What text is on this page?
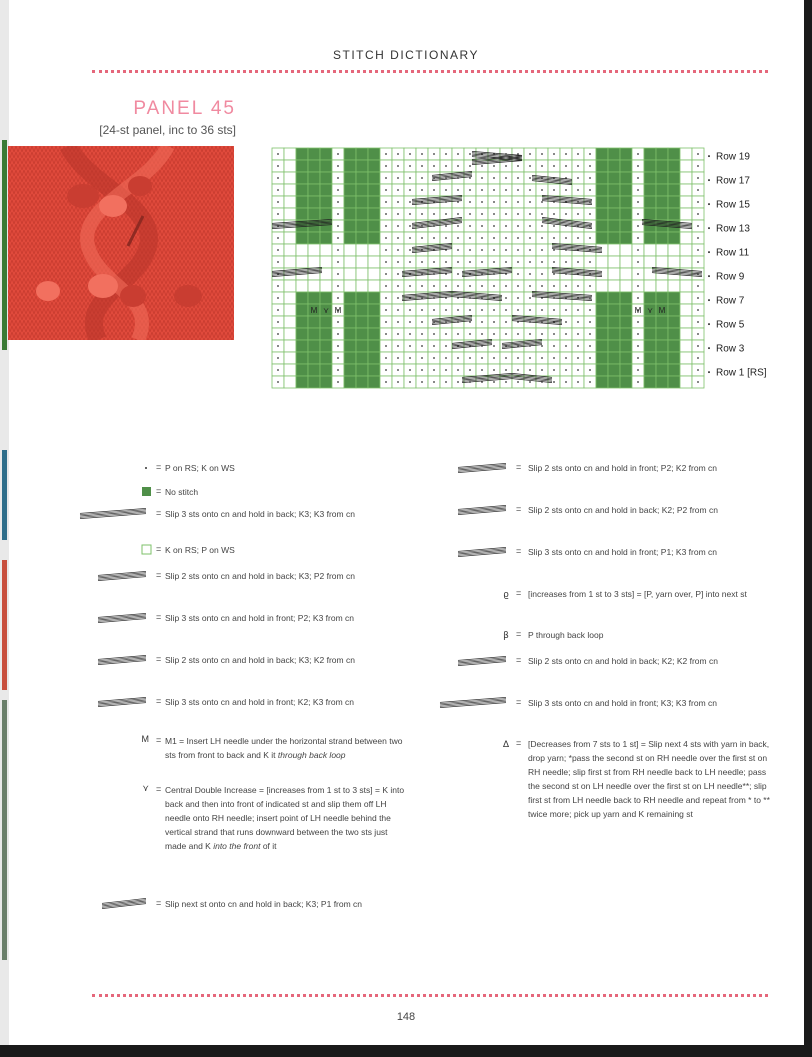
STITCH DICTIONARY
PANEL 45
[24-st panel, inc to 36 sts]
M ⋎ M	M ⋎ M
Row 19
Row 17
Row 15
Row 13
Row 11
Row 9
Row 7
Row 5
Row 3
Row 1 [RS]
= P on RS; K on WS
= No stitch
= Slip 3 sts onto cn and hold in back; K3; K3 from cn
= K on RS; P on WS
= Slip 2 sts onto cn and hold in back; K3; P2 from cn
= Slip 3 sts onto cn and hold in front; P2; K3 from cn
= Slip 2 sts onto cn and hold in back; K3; K2 from cn
= Slip 3 sts onto cn and hold in front; K2; K3 from cn
M = M1 = Insert LH needle under the horizontal strand between two sts from front to back and K it through back loop
⋎ = Central Double Increase = [increases from 1 st to 3 sts] = K into back and then into front of indicated st and slip them off LH needle onto RH needle; insert point of LH needle behind the vertical strand that runs downward between the two sts just made and K into the front of it
= Slip next st onto cn and hold in back; K3; P1 from cn
= Slip 2 sts onto cn and hold in front; P2; K2 from cn
= Slip 2 sts onto cn and hold in back; K2; P2 from cn
= Slip 3 sts onto cn and hold in front; P1; K3 from cn
ϱ = [increases from 1 st to 3 sts] = [P, yarn over, P] into next st
β = P through back loop
= Slip 2 sts onto cn and hold in back; K2; K2 from cn
= Slip 3 sts onto cn and hold in front; K3; K3 from cn
∆ = [Decreases from 7 sts to 1 st] = Slip next 4 sts with yarn in back, drop yarn; *pass the second st on RH needle over the first st on RH needle; slip first st from RH needle back to LH needle; pass the second st on LH needle over the first st on LH needle**; slip first st from LH needle back to RH needle and repeat from * to ** twice more; pick up yarn and K remaining st
148
